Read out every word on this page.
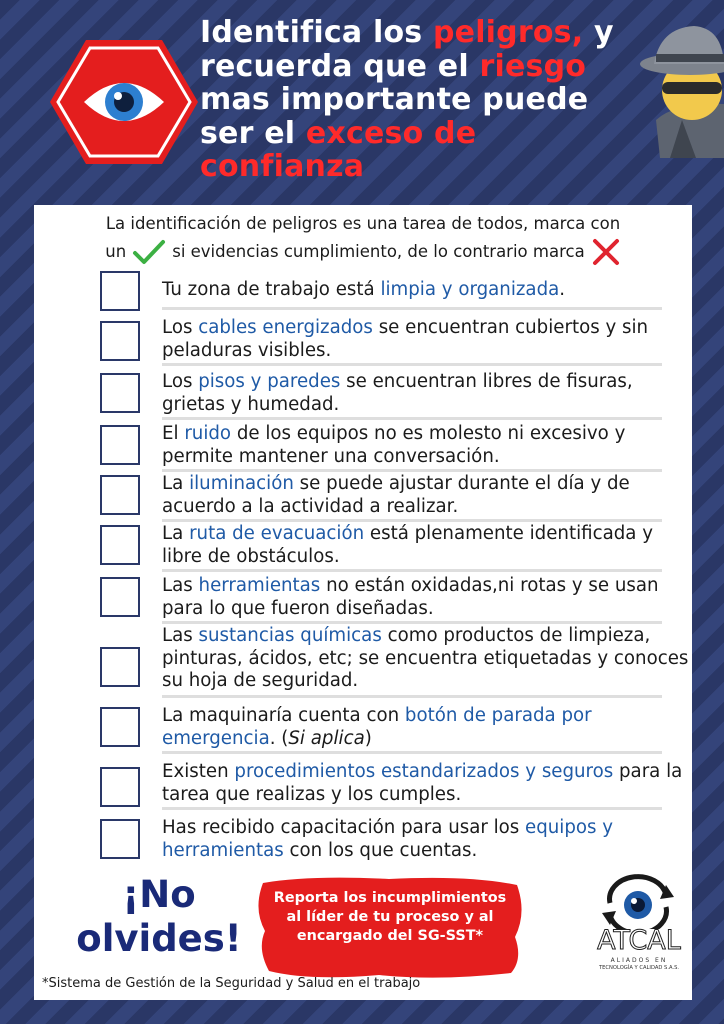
Identifica los peligros, y recuerda que el riesgo mas importante puede ser el exceso de confianza
La identificación de peligros es una tarea de todos, marca con
un	si evidencias cumplimiento, de lo contrario marca
Tu zona de trabajo está limpia y organizada.
Los cables energizados se encuentran cubiertos y sin peladuras visibles.
Los pisos y paredes se encuentran libres de fisuras, grietas y humedad.
El ruido de los equipos no es molesto ni excesivo y permite mantener una conversación.
La iluminación se puede ajustar durante el día y de acuerdo a la actividad a realizar.
La ruta de evacuación está plenamente identificada y libre de obstáculos.
Las herramientas no están oxidadas,ni rotas y se usan para lo que fueron diseñadas.
Las sustancias químicas como productos de limpieza, pinturas, ácidos, etc; se encuentra etiquetadas y conoces su hoja de seguridad.
La maquinaría cuenta con botón de parada por emergencia. (Si aplica)
Existen procedimientos estandarizados y seguros para la tarea que realizas y los cumples.
Has recibido capacitación para usar los equipos y herramientas con los que cuentas.
¡No olvides!
Reporta los incumplimientos al líder de tu proceso y al encargado del SG-SST*	ATCAL
ALIADOS EN
TECNOLOGÍA Y CALIDAD S.A.S.
*Sistema de Gestión de la Seguridad y Salud en el trabajo
